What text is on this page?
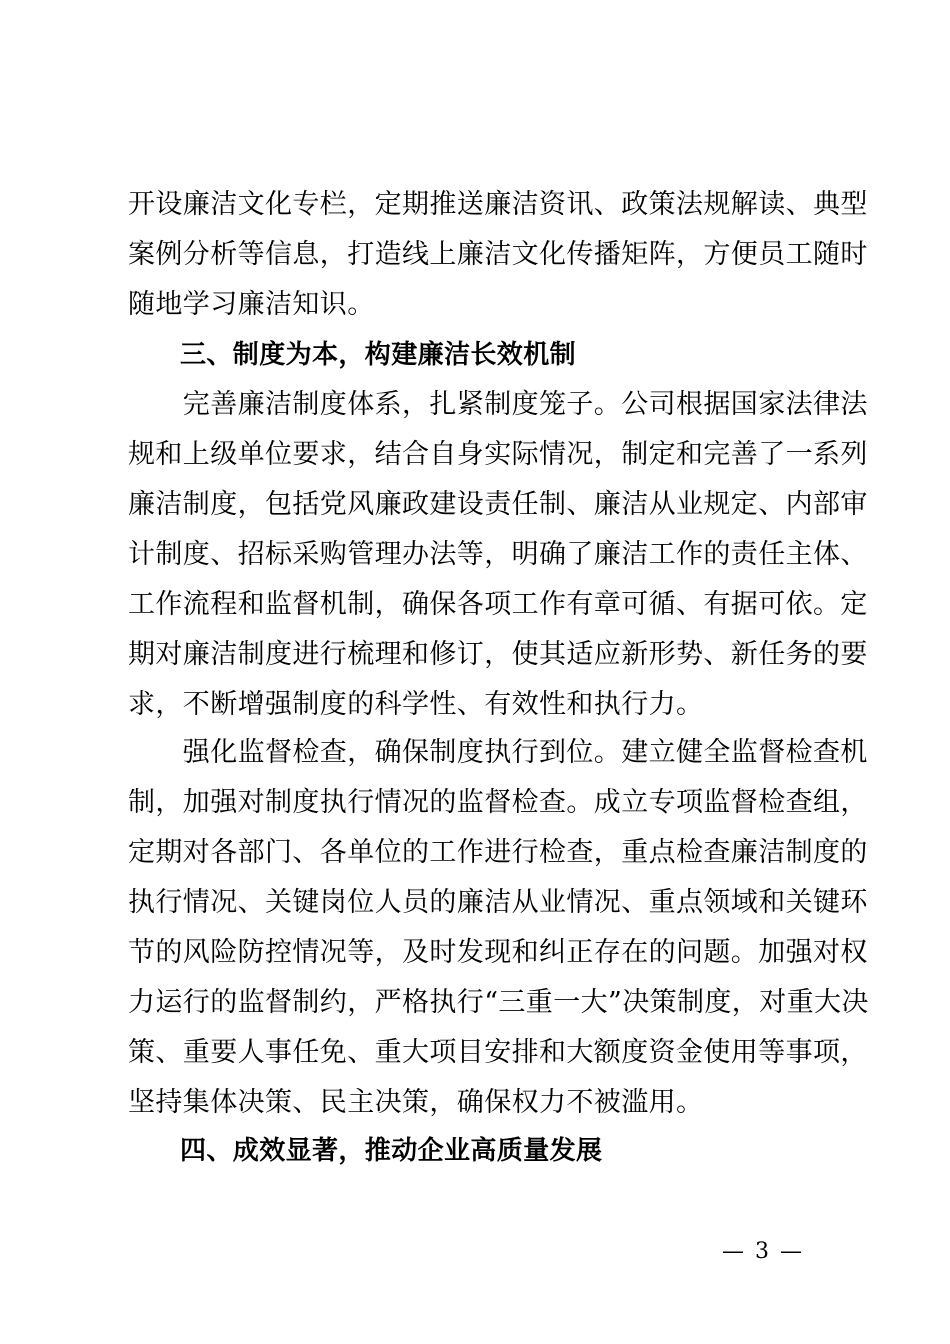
开设廉洁文化专栏，定期推送廉洁资讯、政策法规解读、典型
案例分析等信息，打造线上廉洁文化传播矩阵，方便员工随时
随地学习廉洁知识。
三、制度为本，构建廉洁长效机制
　　完善廉洁制度体系，扎紧制度笼子。公司根据国家法律法
规和上级单位要求，结合自身实际情况，制定和完善了一系列
廉洁制度，包括党风廉政建设责任制、廉洁从业规定、内部审
计制度、招标采购管理办法等，明确了廉洁工作的责任主体、
工作流程和监督机制，确保各项工作有章可循、有据可依。定
期对廉洁制度进行梳理和修订，使其适应新形势、新任务的要
求，不断增强制度的科学性、有效性和执行力。
　　强化监督检查，确保制度执行到位。建立健全监督检查机
制，加强对制度执行情况的监督检查。成立专项监督检查组，
定期对各部门、各单位的工作进行检查，重点检查廉洁制度的
执行情况、关键岗位人员的廉洁从业情况、重点领域和关键环
节的风险防控情况等，及时发现和纠正存在的问题。加强对权
力运行的监督制约，严格执行“三重一大”决策制度，对重大决
策、重要人事任免、重大项目安排和大额度资金使用等事项，
坚持集体决策、民主决策，确保权力不被滥用。
四、成效显著，推动企业高质量发展
— 3 —
